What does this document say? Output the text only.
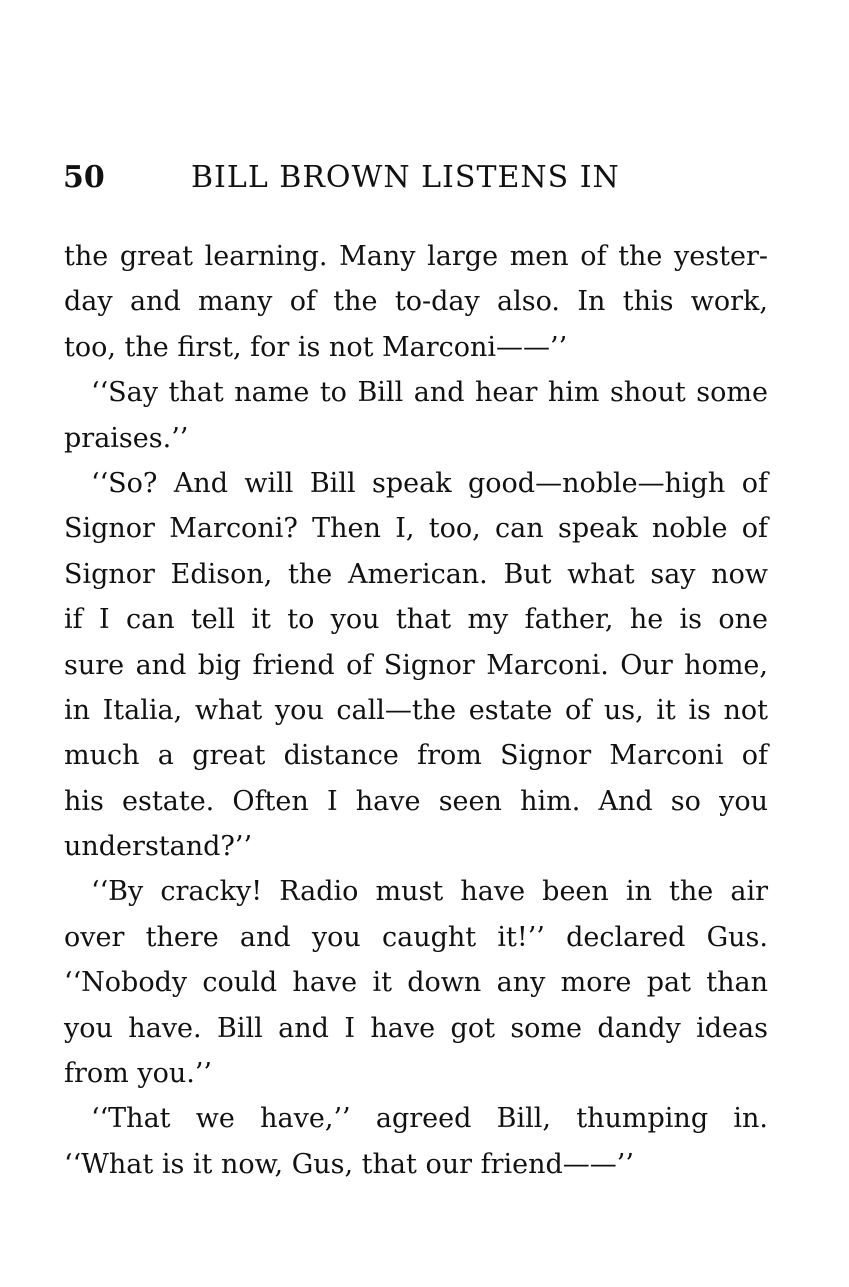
50	BILL BROWN LISTENS IN
the great learning. Many large men of the yester-
day and many of the to-day also. In this work,
too, the first, for is not Marconi——’’
‘‘Say that name to Bill and hear him shout some
praises.’’
‘‘So? And will Bill speak good—noble—high of
Signor Marconi? Then I, too, can speak noble of
Signor Edison, the American. But what say now
if I can tell it to you that my father, he is one
sure and big friend of Signor Marconi. Our home,
in Italia, what you call—the estate of us, it is not
much a great distance from Signor Marconi of
his estate. Often I have seen him. And so you
understand?’’
‘‘By cracky! Radio must have been in the air
over there and you caught it!’’ declared Gus.
‘‘Nobody could have it down any more pat than
you have. Bill and I have got some dandy ideas
from you.’’
‘‘That we have,’’ agreed Bill, thumping in.
‘‘What is it now, Gus, that our friend——’’
